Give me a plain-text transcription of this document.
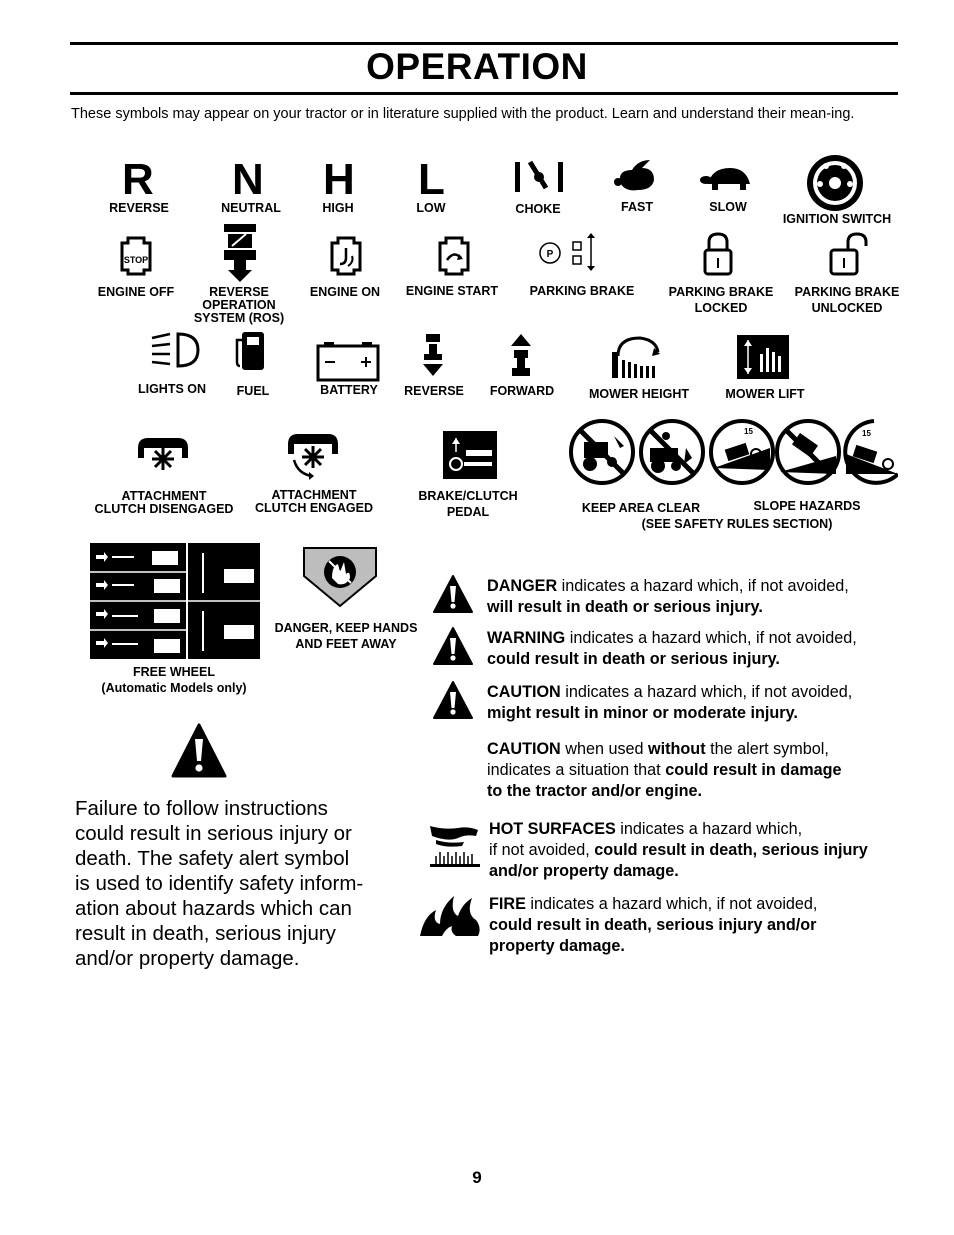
OPERATION
These symbols may appear on your tractor or in literature supplied with the product. Learn and understand their mean-ing.
R N H L
REVERSE	NEUTRAL	HIGH	LOW	CHOKE	FAST	SLOW
IGNITION SWITCH
STOP	P
ENGINE OFF	REVERSE
OPERATION
SYSTEM (ROS)
ENGINE ON	ENGINE START	PARKING BRAKE	PARKING BRAKE
LOCKED
PARKING BRAKE
UNLOCKED
LIGHTS ON	FUEL	BATTERY	REVERSE	FORWARD	MOWER HEIGHT	MOWER LIFT
15	15
ATTACHMENT
CLUTCH DISENGAGED
ATTACHMENT
CLUTCH ENGAGED
BRAKE/CLUTCH
PEDAL	KEEP AREA CLEAR	SLOPE HAZARDS
(SEE SAFETY RULES SECTION)
FREE WHEEL
(Automatic Models only)
DANGER, KEEP HANDS
AND FEET AWAY
DANGER indicates a hazard which, if not avoided,
will result in death or serious injury.
WARNING indicates a hazard which, if not avoided,
could result in death or serious injury.
CAUTION indicates a hazard which, if not avoided,
might result in minor or moderate injury.
CAUTION when used without the alert symbol,
indicates a situation that could result in damage
to the tractor and/or engine.
HOT SURFACES indicates a hazard which,
if not avoided, could result in death, serious injury
and/or property damage.
FIRE indicates a hazard which, if not avoided,
could result in death, serious injury and/or
property damage.
Failure to follow instructions
could result in serious injury or
death. The safety alert symbol
is used to identify safety inform-
ation about hazards which can
result in death, serious injury
and/or property damage.
9
